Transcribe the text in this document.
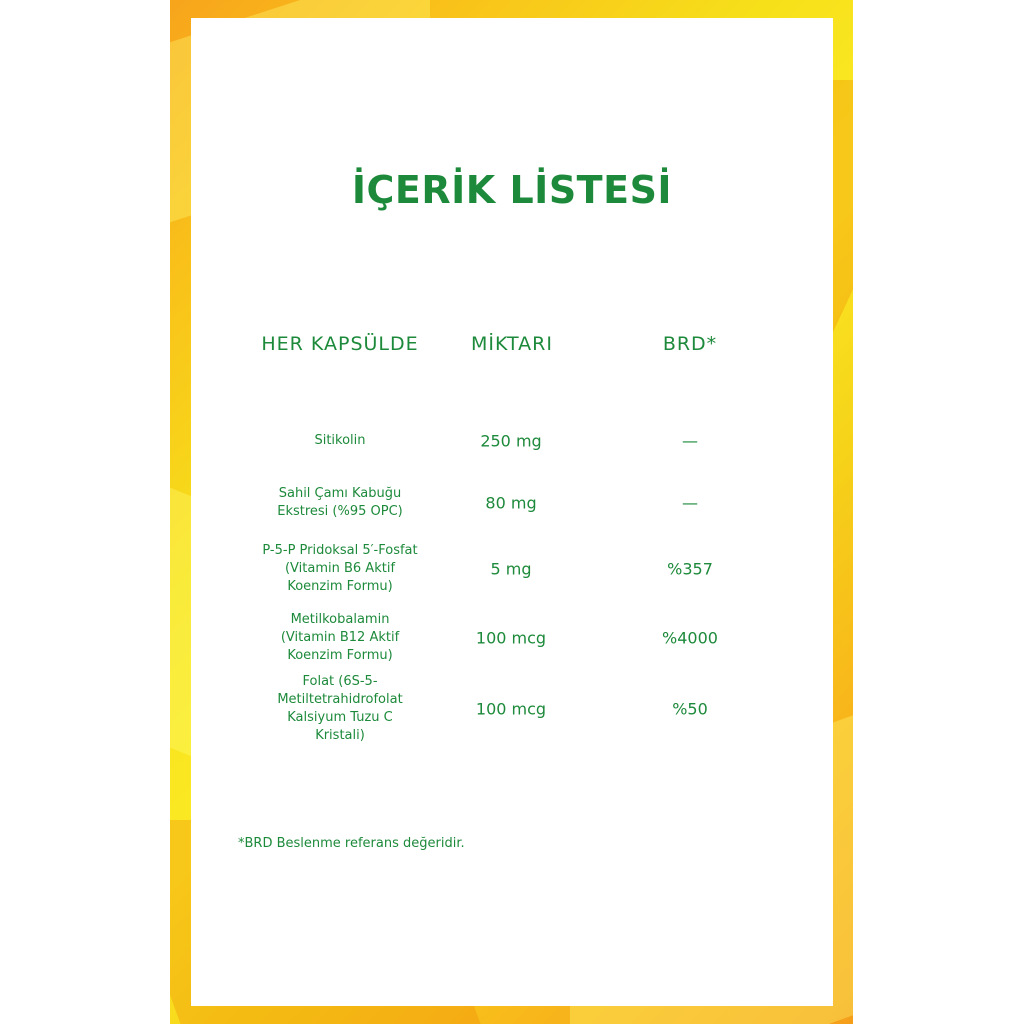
İÇERİK LİSTESİ
HER KAPSÜLDE	MİKTARI	BRD*
Sitikolin	250 mg	—
Sahil Çamı Kabuğu
Ekstresi (%95 OPC)	80 mg	—
P-5-P Pridoksal 5′-Fosfat
(Vitamin B6 Aktif
Koenzim Formu)
5 mg	%357
Metilkobalamin
(Vitamin B12 Aktif
Koenzim Formu)
100 mcg	%4000
Folat (6S-5-
Metiltetrahidrofolat
Kalsiyum Tuzu C
Kristali)
100 mcg	%50
*BRD Beslenme referans değeridir.
